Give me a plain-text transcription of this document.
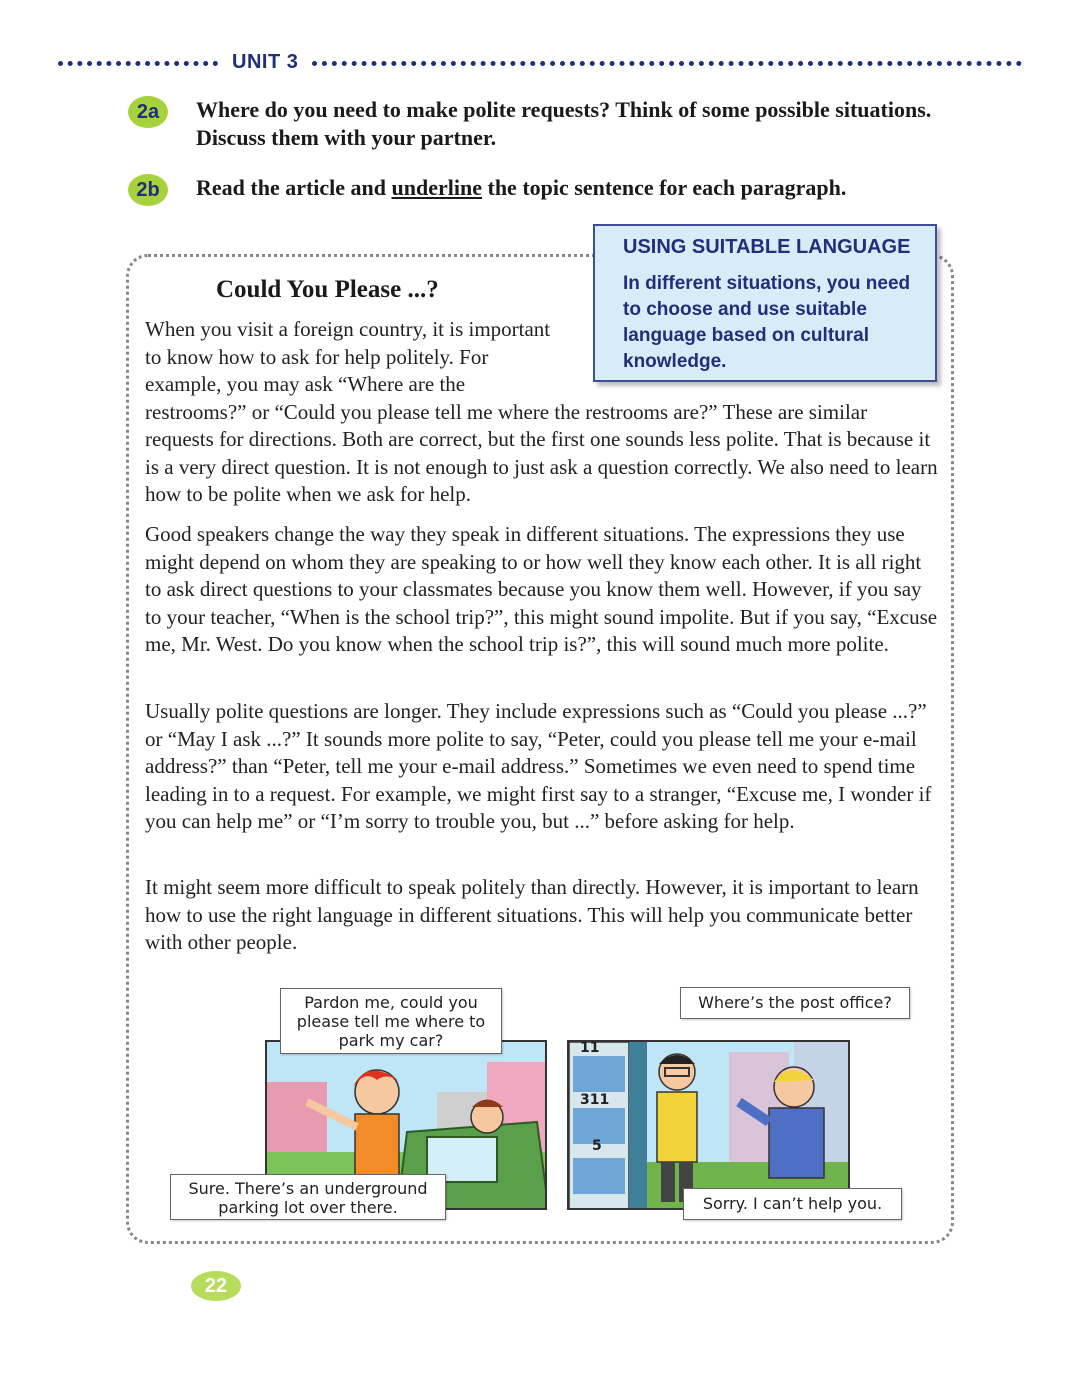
UNIT 3
2a	Where do you need to make polite requests? Think of some possible situations. Discuss them with your partner.
2b	Read the article and underline the topic sentence for each paragraph.
USING SUITABLE LANGUAGE
In different situations, you need to choose and use suitable language based on cultural knowledge.
Could You Please ...?
When you visit a foreign country, it is important to know how to ask for help politely. For example, you may ask “Where are the restrooms?” or “Could you please tell me where the restrooms are?” These are similar requests for directions. Both are correct, but the first one sounds less polite. That is because it is a very direct question. It is not enough to just ask a question correctly. We also need to learn how to be polite when we ask for help.
Good speakers change the way they speak in different situations. The expressions they use might depend on whom they are speaking to or how well they know each other. It is all right to ask direct questions to your classmates because you know them well. However, if you say to your teacher, “When is the school trip?”, this might sound impolite. But if you say, “Excuse me, Mr. West. Do you know when the school trip is?”, this will sound much more polite.
Usually polite questions are longer. They include expressions such as “Could you please ...?” or “May I ask ...?” It sounds more polite to say, “Peter, could you please tell me your e-mail address?” than “Peter, tell me your e-mail address.” Sometimes we even need to spend time leading in to a request. For example, we might first say to a stranger, “Excuse me, I wonder if you can help me” or “I’m sorry to trouble you, but ...” before asking for help.
It might seem more difficult to speak politely than directly. However, it is important to learn how to use the right language in different situations. This will help you communicate better with other people.
Pardon me, could you please tell me where to park my car?
Sure. There’s an underground parking lot over there.
11
311
5
Where’s the post office?
Sorry. I can’t help you.
22
